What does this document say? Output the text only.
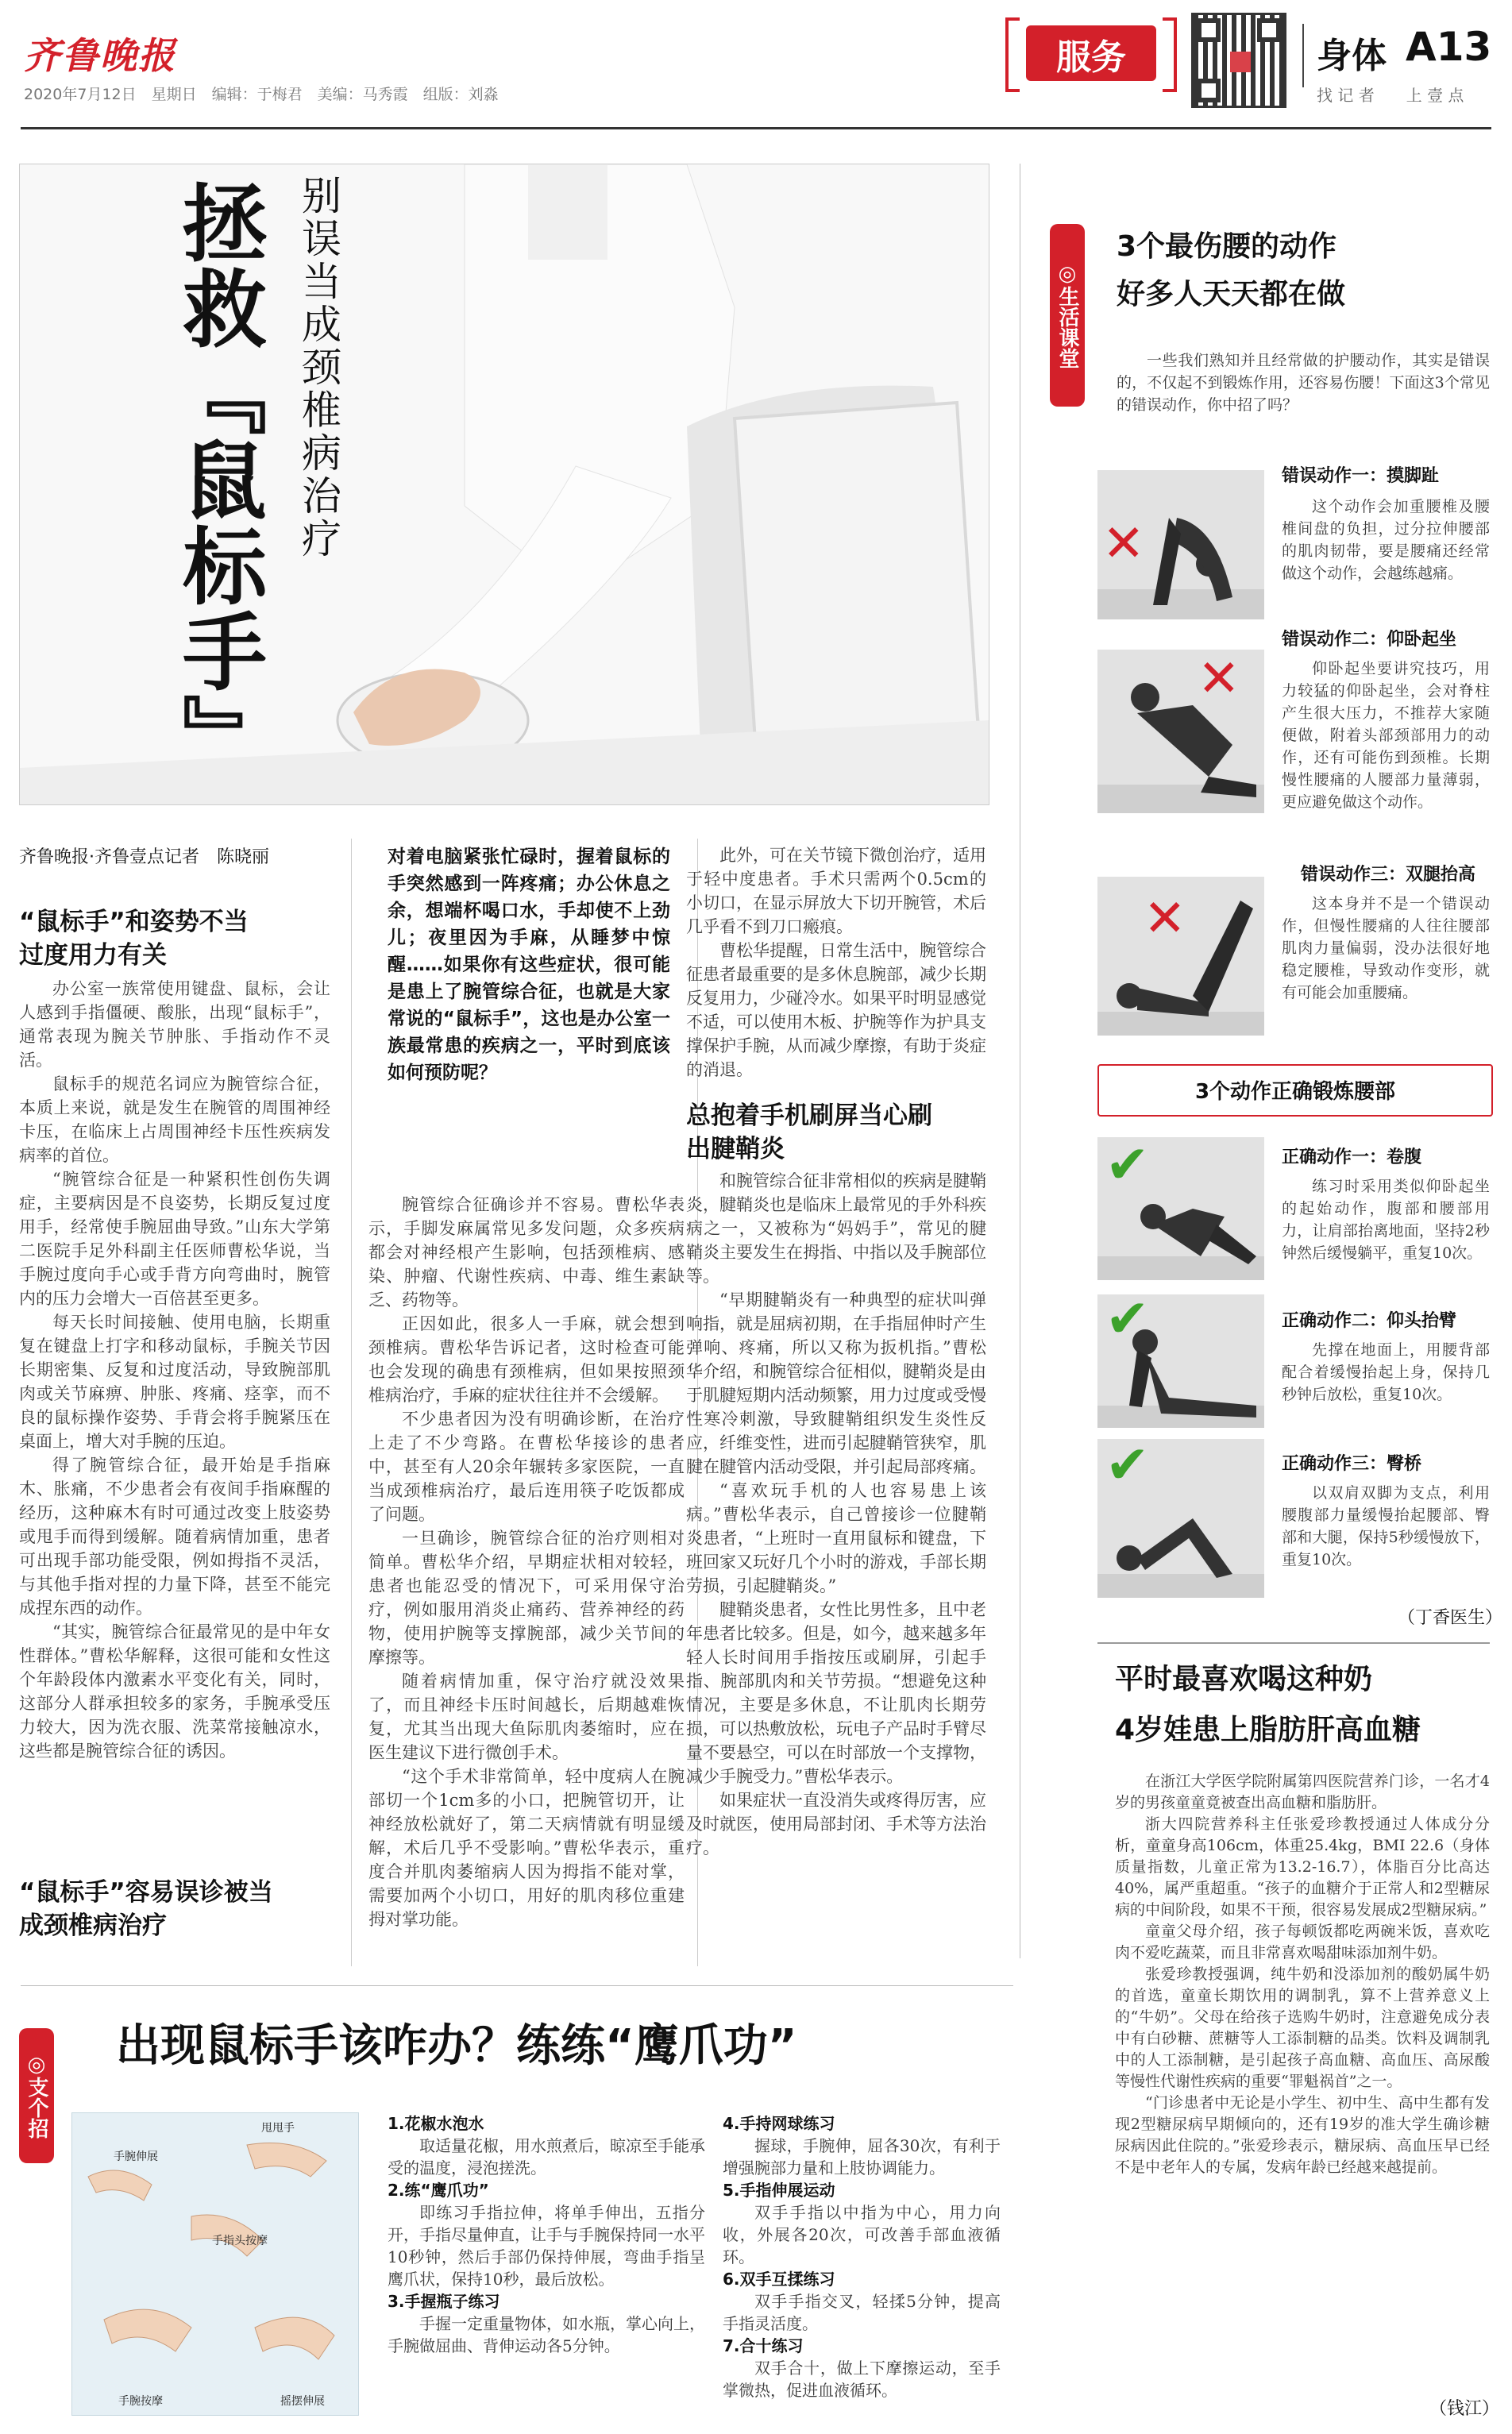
齐鲁晚报
2020年7月12日　星期日　编辑：于梅君　美编：马秀霞　组版：刘淼
服务	身体 A13
找 记 者　　上 壹 点
拯救『鼠标手』 别误当成颈椎病治疗
齐鲁晚报·齐鲁壹点记者　陈晓丽
“鼠标手”和姿势不当过度用力有关

办公室一族常使用键盘、鼠标，会让人感到手指僵硬、酸胀，出现“鼠标手”，通常表现为腕关节肿胀、手指动作不灵活。

鼠标手的规范名词应为腕管综合征，本质上来说，就是发生在腕管的周围神经卡压，在临床上占周围神经卡压性疾病发病率的首位。

“腕管综合征是一种紧积性创伤失调症，主要病因是不良姿势，长期反复过度用手，经常使手腕屈曲导致。”山东大学第二医院手足外科副主任医师曹松华说，当手腕过度向手心或手背方向弯曲时，腕管内的压力会增大一百倍甚至更多。

每天长时间接触、使用电脑，长期重复在键盘上打字和移动鼠标，手腕关节因长期密集、反复和过度活动，导致腕部肌肉或关节麻痹、肿胀、疼痛、痉挛，而不良的鼠标操作姿势、手背会将手腕紧压在桌面上，增大对手腕的压迫。

得了腕管综合征，最开始是手指麻木、胀痛，不少患者会有夜间手指麻醒的经历，这种麻木有时可通过改变上肢姿势或甩手而得到缓解。随着病情加重，患者可出现手部功能受限，例如拇指不灵活，与其他手指对捏的力量下降，甚至不能完成捏东西的动作。

“其实，腕管综合征最常见的是中年女性群体。”曹松华解释，这很可能和女性这个年龄段体内激素水平变化有关，同时，这部分人群承担较多的家务，手腕承受压力较大，因为洗衣服、洗菜常接触凉水，这些都是腕管综合征的诱因。

“鼠标手”容易误诊被当成颈椎病治疗
对着电脑紧张忙碌时，握着鼠标的手突然感到一阵疼痛；办公休息之余，想端杯喝口水，手却使不上劲儿；夜里因为手麻，从睡梦中惊醒……如果你有这些症状，很可能是患上了腕管综合征，也就是大家常说的“鼠标手”，这也是办公室一族最常患的疾病之一，平时到底该如何预防呢？

腕管综合征确诊并不容易。曹松华表示，手脚发麻属常见多发问题，众多疾病都会对神经根产生影响，包括颈椎病、感染、肿瘤、代谢性疾病、中毒、维生素缺乏、药物等。

正因如此，很多人一手麻，就会想到颈椎病。曹松华告诉记者，这时检查可能也会发现的确患有颈椎病，但如果按照颈椎病治疗，手麻的症状往往并不会缓解。

不少患者因为没有明确诊断，在治疗上走了不少弯路。在曹松华接诊的患者中，甚至有人20余年辗转多家医院，一直当成颈椎病治疗，最后连用筷子吃饭都成了问题。

一旦确诊，腕管综合征的治疗则相对简单。曹松华介绍，早期症状相对较轻，患者也能忍受的情况下，可采用保守治疗，例如服用消炎止痛药、营养神经的药物，使用护腕等支撑腕部，减少关节间的摩擦等。

随着病情加重，保守治疗就没效果了，而且神经卡压时间越长，后期越难恢复，尤其当出现大鱼际肌肉萎缩时，应在医生建议下进行微创手术。

“这个手术非常简单，轻中度病人在腕部切一个1cm多的小口，把腕管切开，让神经放松就好了，第二天病情就有明显缓解，术后几乎不受影响。”曹松华表示，重度合并肌肉萎缩病人因为拇指不能对掌，需要加两个小切口，用好的肌肉移位重建拇对掌功能。

此外，可在关节镜下微创治疗，适用于轻中度患者。手术只需两个0.5cm的小切口，在显示屏放大下切开腕管，术后几乎看不到刀口瘢痕。

曹松华提醒，日常生活中，腕管综合征患者最重要的是多休息腕部，减少长期反复用力，少碰冷水。如果平时明显感觉不适，可以使用木板、护腕等作为护具支撑保护手腕，从而减少摩擦，有助于炎症的消退。

总抱着手机刷屏当心刷出腱鞘炎

和腕管综合征非常相似的疾病是腱鞘炎，腱鞘炎也是临床上最常见的手外科疾病之一，又被称为“妈妈手”，常见的腱鞘炎主要发生在拇指、中指以及手腕部位等。

“早期腱鞘炎有一种典型的症状叫弹响指，就是屈病初期，在手指屈伸时产生弹响、疼痛，所以又称为扳机指。”曹松华介绍，和腕管综合征相似，腱鞘炎是由于肌腱短期内活动频繁，用力过度或受慢性寒冷刺激，导致腱鞘组织发生炎性反应，纤维变性，进而引起腱鞘管狭窄，肌腱在腱管内活动受限，并引起局部疼痛。

“喜欢玩手机的人也容易患上该病。”曹松华表示，自己曾接诊一位腱鞘炎患者，“上班时一直用鼠标和键盘，下班回家又玩好几个小时的游戏，手部长期劳损，引起腱鞘炎。”

腱鞘炎患者，女性比男性多，且中老年患者比较多。但是，如今，越来越多年轻人长时间用手指按压或刷屏，引起手指、腕部肌肉和关节劳损。“想避免这种情况，主要是多休息，不让肌肉长期劳损，可以热敷放松，玩电子产品时手臂尽量不要悬空，可以在时部放一个支撑物，减少手腕受力。”曹松华表示。

如果症状一直没消失或疼得厉害，应及时就医，使用局部封闭、手术等方法治疗。

◎生活课堂
3个最伤腰的动作
好多人天天都在做
一些我们熟知并且经常做的护腰动作，其实是错误的，不仅起不到锻炼作用，还容易伤腰！下面这3个常见的错误动作，你中招了吗？
✕
错误动作一：摸脚趾
这个动作会加重腰椎及腰椎间盘的负担，过分拉伸腰部的肌肉韧带，要是腰痛还经常做这个动作，会越练越痛。
✕
错误动作二：仰卧起坐
仰卧起坐要讲究技巧，用力较猛的仰卧起坐，会对脊柱产生很大压力，不推荐大家随便做，附着头部颈部用力的动作，还有可能伤到颈椎。长期慢性腰痛的人腰部力量薄弱，更应避免做这个动作。
✕
错误动作三：双腿抬高
这本身并不是一个错误动作，但慢性腰痛的人往往腰部肌肉力量偏弱，没办法很好地稳定腰椎，导致动作变形，就有可能会加重腰痛。
3个动作正确锻炼腰部
✔	正确动作一：卷腹
练习时采用类似仰卧起坐的起始动作，腹部和腰部用力，让肩部抬离地面，坚持2秒钟然后缓慢躺平，重复10次。
✔	正确动作二：仰头抬臂
先撑在地面上，用腰背部配合着缓慢抬起上身，保持几秒钟后放松，重复10次。
✔	正确动作三：臀桥
以双肩双脚为支点，利用腰腹部力量缓慢抬起腰部、臀部和大腿，保持5秒缓慢放下，重复10次。
（丁香医生）
平时最喜欢喝这种奶
4岁娃患上脂肪肝高血糖

在浙江大学医学院附属第四医院营养门诊，一名才4岁的男孩童童竟被查出高血糖和脂肪肝。

浙大四院营养科主任张爱珍教授通过人体成分分析，童童身高106cm，体重25.4kg，BMI 22.6（身体质量指数，儿童正常为13.2-16.7），体脂百分比高达40%，属严重超重。“孩子的血糖介于正常人和2型糖尿病的中间阶段，如果不干预，很容易发展成2型糖尿病。”

童童父母介绍，孩子每顿饭都吃两碗米饭，喜欢吃肉不爱吃蔬菜，而且非常喜欢喝甜味添加剂牛奶。

张爱珍教授强调，纯牛奶和没添加剂的酸奶属牛奶的首选，童童长期饮用的调制乳，算不上营养意义上的“牛奶”。父母在给孩子选购牛奶时，注意避免成分表中有白砂糖、蔗糖等人工添制糖的品类。饮料及调制乳中的人工添制糖，是引起孩子高血糖、高血压、高尿酸等慢性代谢性疾病的重要“罪魁祸首”之一。

“门诊患者中无论是小学生、初中生、高中生都有发现2型糖尿病早期倾向的，还有19岁的准大学生确诊糖尿病因此住院的。”张爱珍表示，糖尿病、高血压早已经不是中老年人的专属，发病年龄已经越来越提前。

（钱江）
◎支个招
出现鼠标手该咋办？练练“鹰爪功”
手腕伸展
甩甩手
手指头按摩
手腕按摩	摇摆伸展
1.花椒水泡水

取适量花椒，用水煎煮后，晾凉至手能承受的温度，浸泡搓洗。

2.练“鹰爪功”

即练习手指拉伸，将单手伸出，五指分开，手指尽量伸直，让手与手腕保持同一水平10秒钟，然后手部仍保持伸展，弯曲手指呈鹰爪状，保持10秒，最后放松。

3.手握瓶子练习

手握一定重量物体，如水瓶，掌心向上，手腕做屈曲、背伸运动各5分钟。

4.手持网球练习

握球，手腕伸，屈各30次，有利于增强腕部力量和上肢协调能力。

5.手指伸展运动

双手手指以中指为中心，用力向收，外展各20次，可改善手部血液循环。

6.双手互揉练习

双手手指交叉，轻揉5分钟，提高手指灵活度。

7.合十练习

双手合十，做上下摩擦运动，至手掌微热，促进血液循环。
